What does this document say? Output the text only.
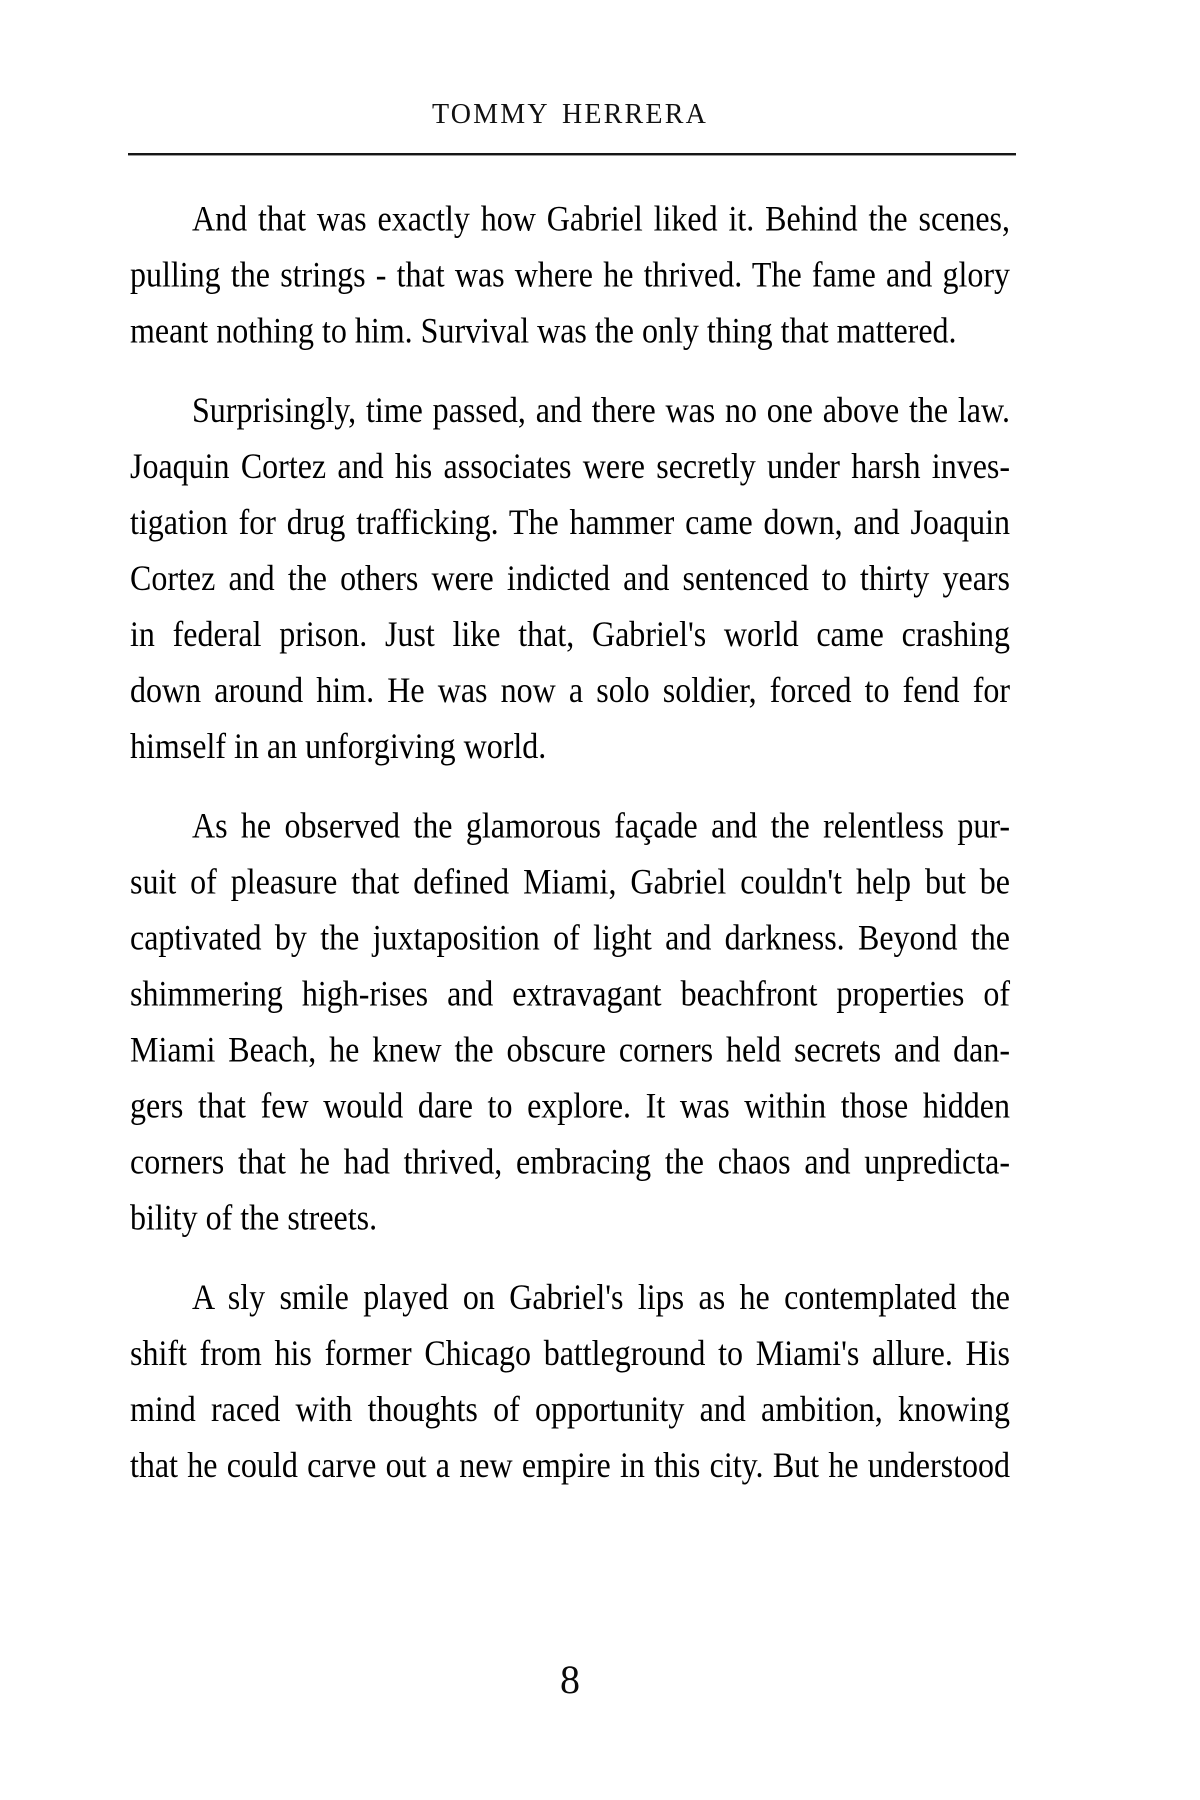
TOMMY HERRERA

And that was exactly how Gabriel liked it. Behind the scenes,
pulling the strings - that was where he thrived. The fame and glory
meant nothing to him. Survival was the only thing that mattered.

Surprisingly, time passed, and there was no one above the law.
Joaquin Cortez and his associates were secretly under harsh inves-
tigation for drug trafficking. The hammer came down, and Joaquin
Cortez and the others were indicted and sentenced to thirty years
in federal prison. Just like that, Gabriel's world came crashing
down around him. He was now a solo soldier, forced to fend for
himself in an unforgiving world.

As he observed the glamorous façade and the relentless pur-
suit of pleasure that defined Miami, Gabriel couldn't help but be
captivated by the juxtaposition of light and darkness. Beyond the
shimmering high-rises and extravagant beachfront properties of
Miami Beach, he knew the obscure corners held secrets and dan-
gers that few would dare to explore. It was within those hidden
corners that he had thrived, embracing the chaos and unpredicta-
bility of the streets.

A sly smile played on Gabriel's lips as he contemplated the
shift from his former Chicago battleground to Miami's allure. His
mind raced with thoughts of opportunity and ambition, knowing
that he could carve out a new empire in this city. But he understood

8
